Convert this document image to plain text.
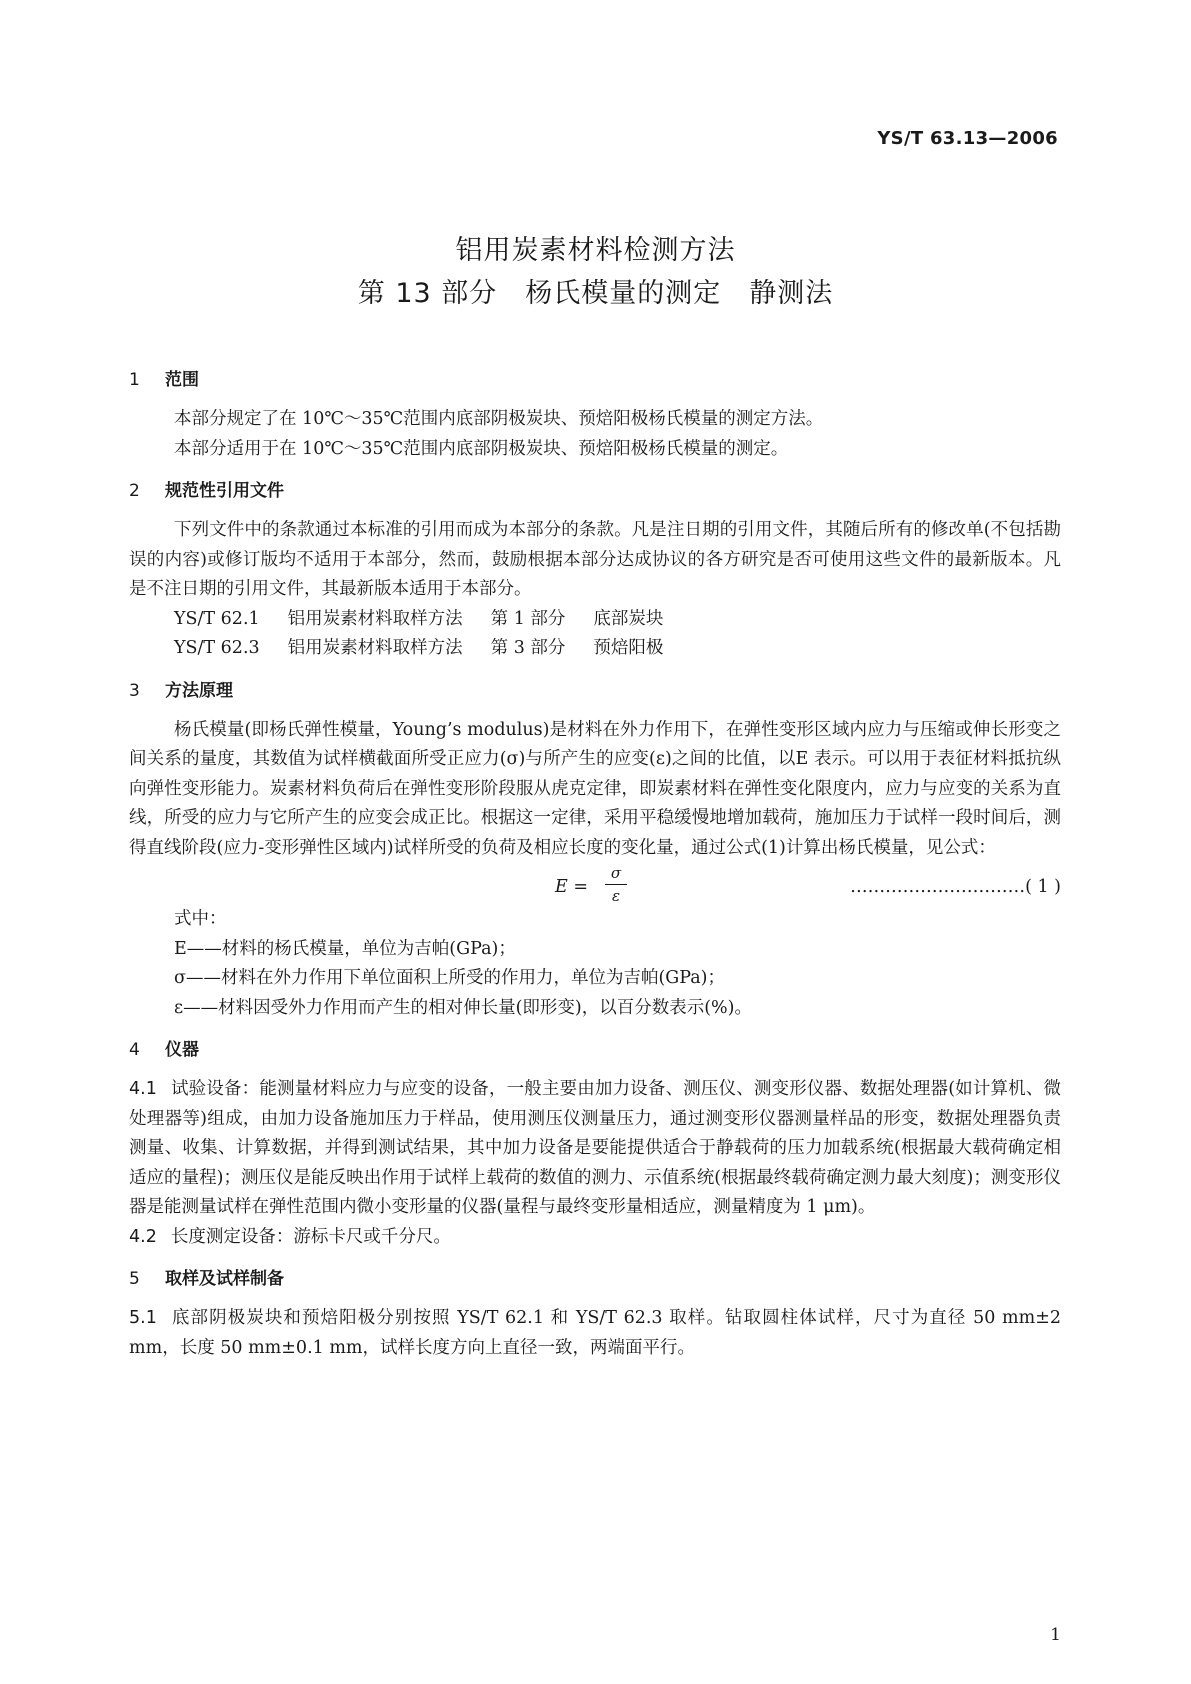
YS/T 63.13—2006
铝用炭素材料检测方法
第 13 部分　杨氏模量的测定　静测法
1 范围

本部分规定了在 10℃～35℃范围内底部阴极炭块、预焙阳极杨氏模量的测定方法。

本部分适用于在 10℃～35℃范围内底部阴极炭块、预焙阳极杨氏模量的测定。

2 规范性引用文件

下列文件中的条款通过本标准的引用而成为本部分的条款。凡是注日期的引用文件，其随后所有的修改单(不包括勘误的内容)或修订版均不适用于本部分，然而，鼓励根据本部分达成协议的各方研究是否可使用这些文件的最新版本。凡是不注日期的引用文件，其最新版本适用于本部分。

YS/T 62.1 铝用炭素材料取样方法 第 1 部分 底部炭块

YS/T 62.3 铝用炭素材料取样方法 第 3 部分 预焙阳极

3 方法原理

杨氏模量(即杨氏弹性模量，Young’s modulus)是材料在外力作用下，在弹性变形区域内应力与压缩或伸长形变之间关系的量度，其数值为试样横截面所受正应力(σ)与所产生的应变(ε)之间的比值，以E 表示。可以用于表征材料抵抗纵向弹性变形能力。炭素材料负荷后在弹性变形阶段服从虎克定律，即炭素材料在弹性变化限度内，应力与应变的关系为直线，所受的应力与它所产生的应变会成正比。根据这一定律，采用平稳缓慢地增加载荷，施加压力于试样一段时间后，测得直线阶段(应力-变形弹性区域内)试样所受的负荷及相应长度的变化量，通过公式(1)计算出杨氏模量，见公式：

E =
σ
ε	…………………………( 1 )

式中：

E——材料的杨氏模量，单位为吉帕(GPa)；

σ——材料在外力作用下单位面积上所受的作用力，单位为吉帕(GPa)；

ε——材料因受外力作用而产生的相对伸长量(即形变)，以百分数表示(%)。

4 仪器

4.1 试验设备：能测量材料应力与应变的设备，一般主要由加力设备、测压仪、测变形仪器、数据处理器(如计算机、微处理器等)组成，由加力设备施加压力于样品，使用测压仪测量压力，通过测变形仪器测量样品的形变，数据处理器负责测量、收集、计算数据，并得到测试结果，其中加力设备是要能提供适合于静载荷的压力加载系统(根据最大载荷确定相适应的量程)；测压仪是能反映出作用于试样上载荷的数值的测力、示值系统(根据最终载荷确定测力最大刻度)；测变形仪器是能测量试样在弹性范围内微小变形量的仪器(量程与最终变形量相适应，测量精度为 1 μm)。

4.2 长度测定设备：游标卡尺或千分尺。

5 取样及试样制备

5.1 底部阴极炭块和预焙阳极分别按照 YS/T 62.1 和 YS/T 62.3 取样。钻取圆柱体试样，尺寸为直径 50 mm±2 mm，长度 50 mm±0.1 mm，试样长度方向上直径一致，两端面平行。

1
